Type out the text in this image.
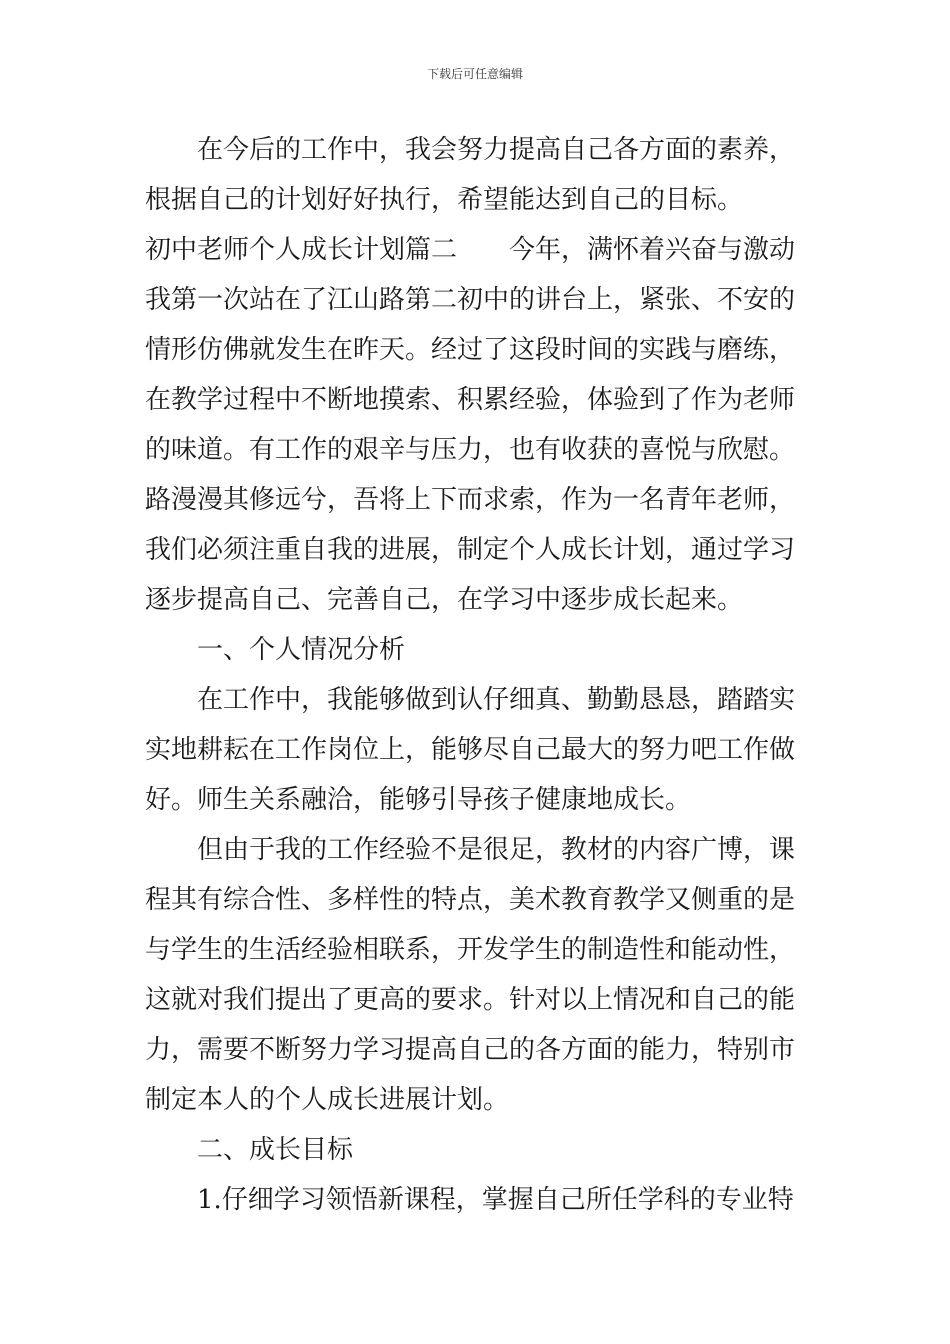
下载后可任意编辑
在今后的工作中，我会努力提高自己各方面的素养，
根据自己的计划好好执行，希望能达到自己的目标。
初中老师个人成长计划篇二　　今年，满怀着兴奋与激动
我第一次站在了江山路第二初中的讲台上，紧张、不安的
情形仿佛就发生在昨天。经过了这段时间的实践与磨练，
在教学过程中不断地摸索、积累经验，体验到了作为老师
的味道。有工作的艰辛与压力，也有收获的喜悦与欣慰。
路漫漫其修远兮，吾将上下而求索，作为一名青年老师，
我们必须注重自我的进展，制定个人成长计划，通过学习
逐步提高自己、完善自己，在学习中逐步成长起来。
一、个人情况分析
在工作中，我能够做到认仔细真、勤勤恳恳，踏踏实
实地耕耘在工作岗位上，能够尽自己最大的努力吧工作做
好。师生关系融洽，能够引导孩子健康地成长。
但由于我的工作经验不是很足，教材的内容广博，课
程其有综合性、多样性的特点，美术教育教学又侧重的是
与学生的生活经验相联系，开发学生的制造性和能动性，
这就对我们提出了更高的要求。针对以上情况和自己的能
力，需要不断努力学习提高自己的各方面的能力，特别市
制定本人的个人成长进展计划。
二、成长目标
1.仔细学习领悟新课程，掌握自己所任学科的专业特
